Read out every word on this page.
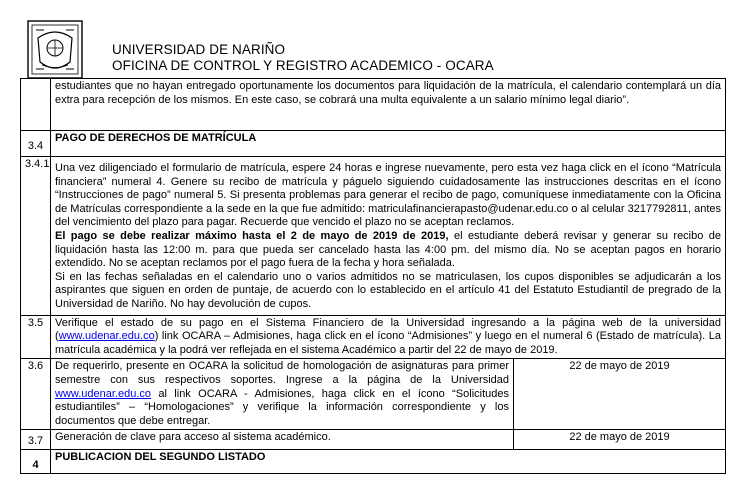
UNIVERSIDAD DE NARIÑO
OFICINA DE CONTROL Y REGISTRO ACADEMICO - OCARA
	estudiantes que no hayan entregado oportunamente los documentos para liquidación de la matrícula, el calendario contemplará un día extra para recepción de los mismos. En este caso, se cobrará una multa equivalente a un salario mínimo legal diario”.	
3.4	PAGO DE DERECHOS DE MATRÍCULA	
3.4.1	Una vez diligenciado el formulario de matrícula, espere 24 horas e ingrese nuevamente, pero esta vez haga click en el ícono “Matrícula financiera” numeral 4. Genere su recibo de matrícula y páguelo siguiendo cuidadosamente las instrucciones descritas en el ícono “Instrucciones de pago” numeral 5. Si presenta problemas para generar el recibo de pago, comuníquese inmediatamente con la Oficina de Matrículas correspondiente a la sede en la que fue admitido: matriculafinancierapasto@udenar.edu.co o al celular 3217792811, antes del vencimiento del plazo para pagar. Recuerde que vencido el plazo no se aceptan reclamos.

El pago se debe realizar máximo hasta el 2 de mayo de 2019 de 2019, el estudiante deberá revisar y generar su recibo de liquidación hasta las 12:00 m. para que pueda ser cancelado hasta las 4:00 pm. del mismo día. No se aceptan pagos en horario extendido. No se aceptan reclamos por el pago fuera de la fecha y hora señalada.

Si en las fechas señaladas en el calendario uno o varios admitidos no se matriculasen, los cupos disponibles se adjudicarán a los aspirantes que siguen en orden de puntaje, de acuerdo con lo establecido en el artículo 41 del Estatuto Estudiantil de pregrado de la Universidad de Nariño. No hay devolución de cupos.	

3.5	Verifique el estado de su pago en el Sistema Financiero de la Universidad ingresando a la página web de la universidad (www.udenar.edu.co) link OCARA – Admisiones, haga click en el ícono “Admisiones” y luego en el numeral 6 (Estado de matrícula). La matrícula académica y la podrá ver reflejada en el sistema Académico a partir del 22 de mayo de 2019.	
3.6	De requerirlo, presente en OCARA la solicitud de homologación de asignaturas para primer semestre con sus respectivos soportes. Ingrese a la página de la Universidad www.udenar.edu.co al link OCARA - Admisiones, haga click en el ícono “Solicitudes estudiantiles” – “Homologaciones” y verifique la información correspondiente y los documentos que debe entregar.	22 de mayo de 2019
3.7	Generación de clave para acceso al sistema académico.	22 de mayo de 2019
4	PUBLICACION DEL SEGUNDO LISTADO	
